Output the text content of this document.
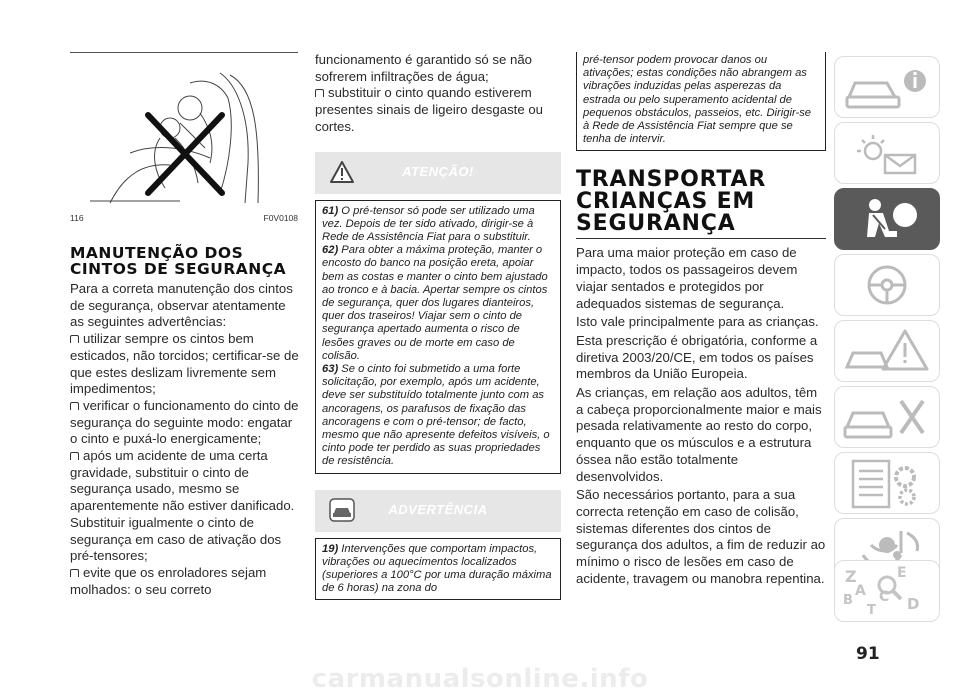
116	F0V0108

MANUTENÇÃO DOS
CINTOS DE SEGURANÇA

Para a correta manutenção dos cintos de segurança, observar atentamente as seguintes advertências:

utilizar sempre os cintos bem esticados, não torcidos; certificar-se de que estes deslizam livremente sem impedimentos;

verificar o funcionamento do cinto de segurança do seguinte modo: engatar o cinto e puxá-lo energicamente;

após um acidente de uma certa gravidade, substituir o cinto de segurança usado, mesmo se aparentemente não estiver danificado. Substituir igualmente o cinto de segurança em caso de ativação dos pré-tensores;

evite que os enroladores sejam molhados: o seu correto

funcionamento é garantido só se não sofrerem infiltrações de água;

substituir o cinto quando estiverem presentes sinais de ligeiro desgaste ou cortes.

ATENÇÃO!
61) O pré-tensor só pode ser utilizado uma vez. Depois de ter sido ativado, dirigir-se à Rede de Assistência Fiat para o substituir.
62) Para obter a máxima proteção, manter o encosto do banco na posição ereta, apoiar bem as costas e manter o cinto bem ajustado ao tronco e à bacia. Apertar sempre os cintos de segurança, quer dos lugares dianteiros, quer dos traseiros! Viajar sem o cinto de segurança apertado aumenta o risco de lesões graves ou de morte em caso de colisão.
63) Se o cinto foi submetido a uma forte solicitação, por exemplo, após um acidente, deve ser substituído totalmente junto com as ancoragens, os parafusos de fixação das ancoragens e com o pré-tensor; de facto, mesmo que não apresente defeitos visíveis, o cinto pode ter perdido as suas propriedades de resistência.
ADVERTÊNCIA
19) Intervenções que comportam impactos, vibrações ou aquecimentos localizados (superiores a 100°C por uma duração máxima de 6 horas) na zona do
pré-tensor podem provocar danos ou ativações; estas condições não abrangem as vibrações induzidas pelas asperezas da estrada ou pelo superamento acidental de pequenos obstáculos, passeios, etc. Dirigir-se à Rede de Assistência Fiat sempre que se tenha de intervir.

TRANSPORTAR
CRIANÇAS EM
SEGURANÇA

Para uma maior proteção em caso de impacto, todos os passageiros devem viajar sentados e protegidos por adequados sistemas de segurança.

Isto vale principalmente para as crianças.

Esta prescrição é obrigatória, conforme a diretiva 2003/20/CE, em todos os países membros da União Europeia.

As crianças, em relação aos adultos, têm a cabeça proporcionalmente maior e mais pesada relativamente ao resto do corpo, enquanto que os músculos e a estrutura óssea não estão totalmente desenvolvidos.

São necessários portanto, para a sua correcta retenção em caso de colisão, sistemas diferentes dos cintos de segurança dos adultos, a fim de reduzir ao mínimo o risco de lesões em caso de acidente, travagem ou manobra repentina. Z	E
A
B C
T D
91
carmanualsonline.info
